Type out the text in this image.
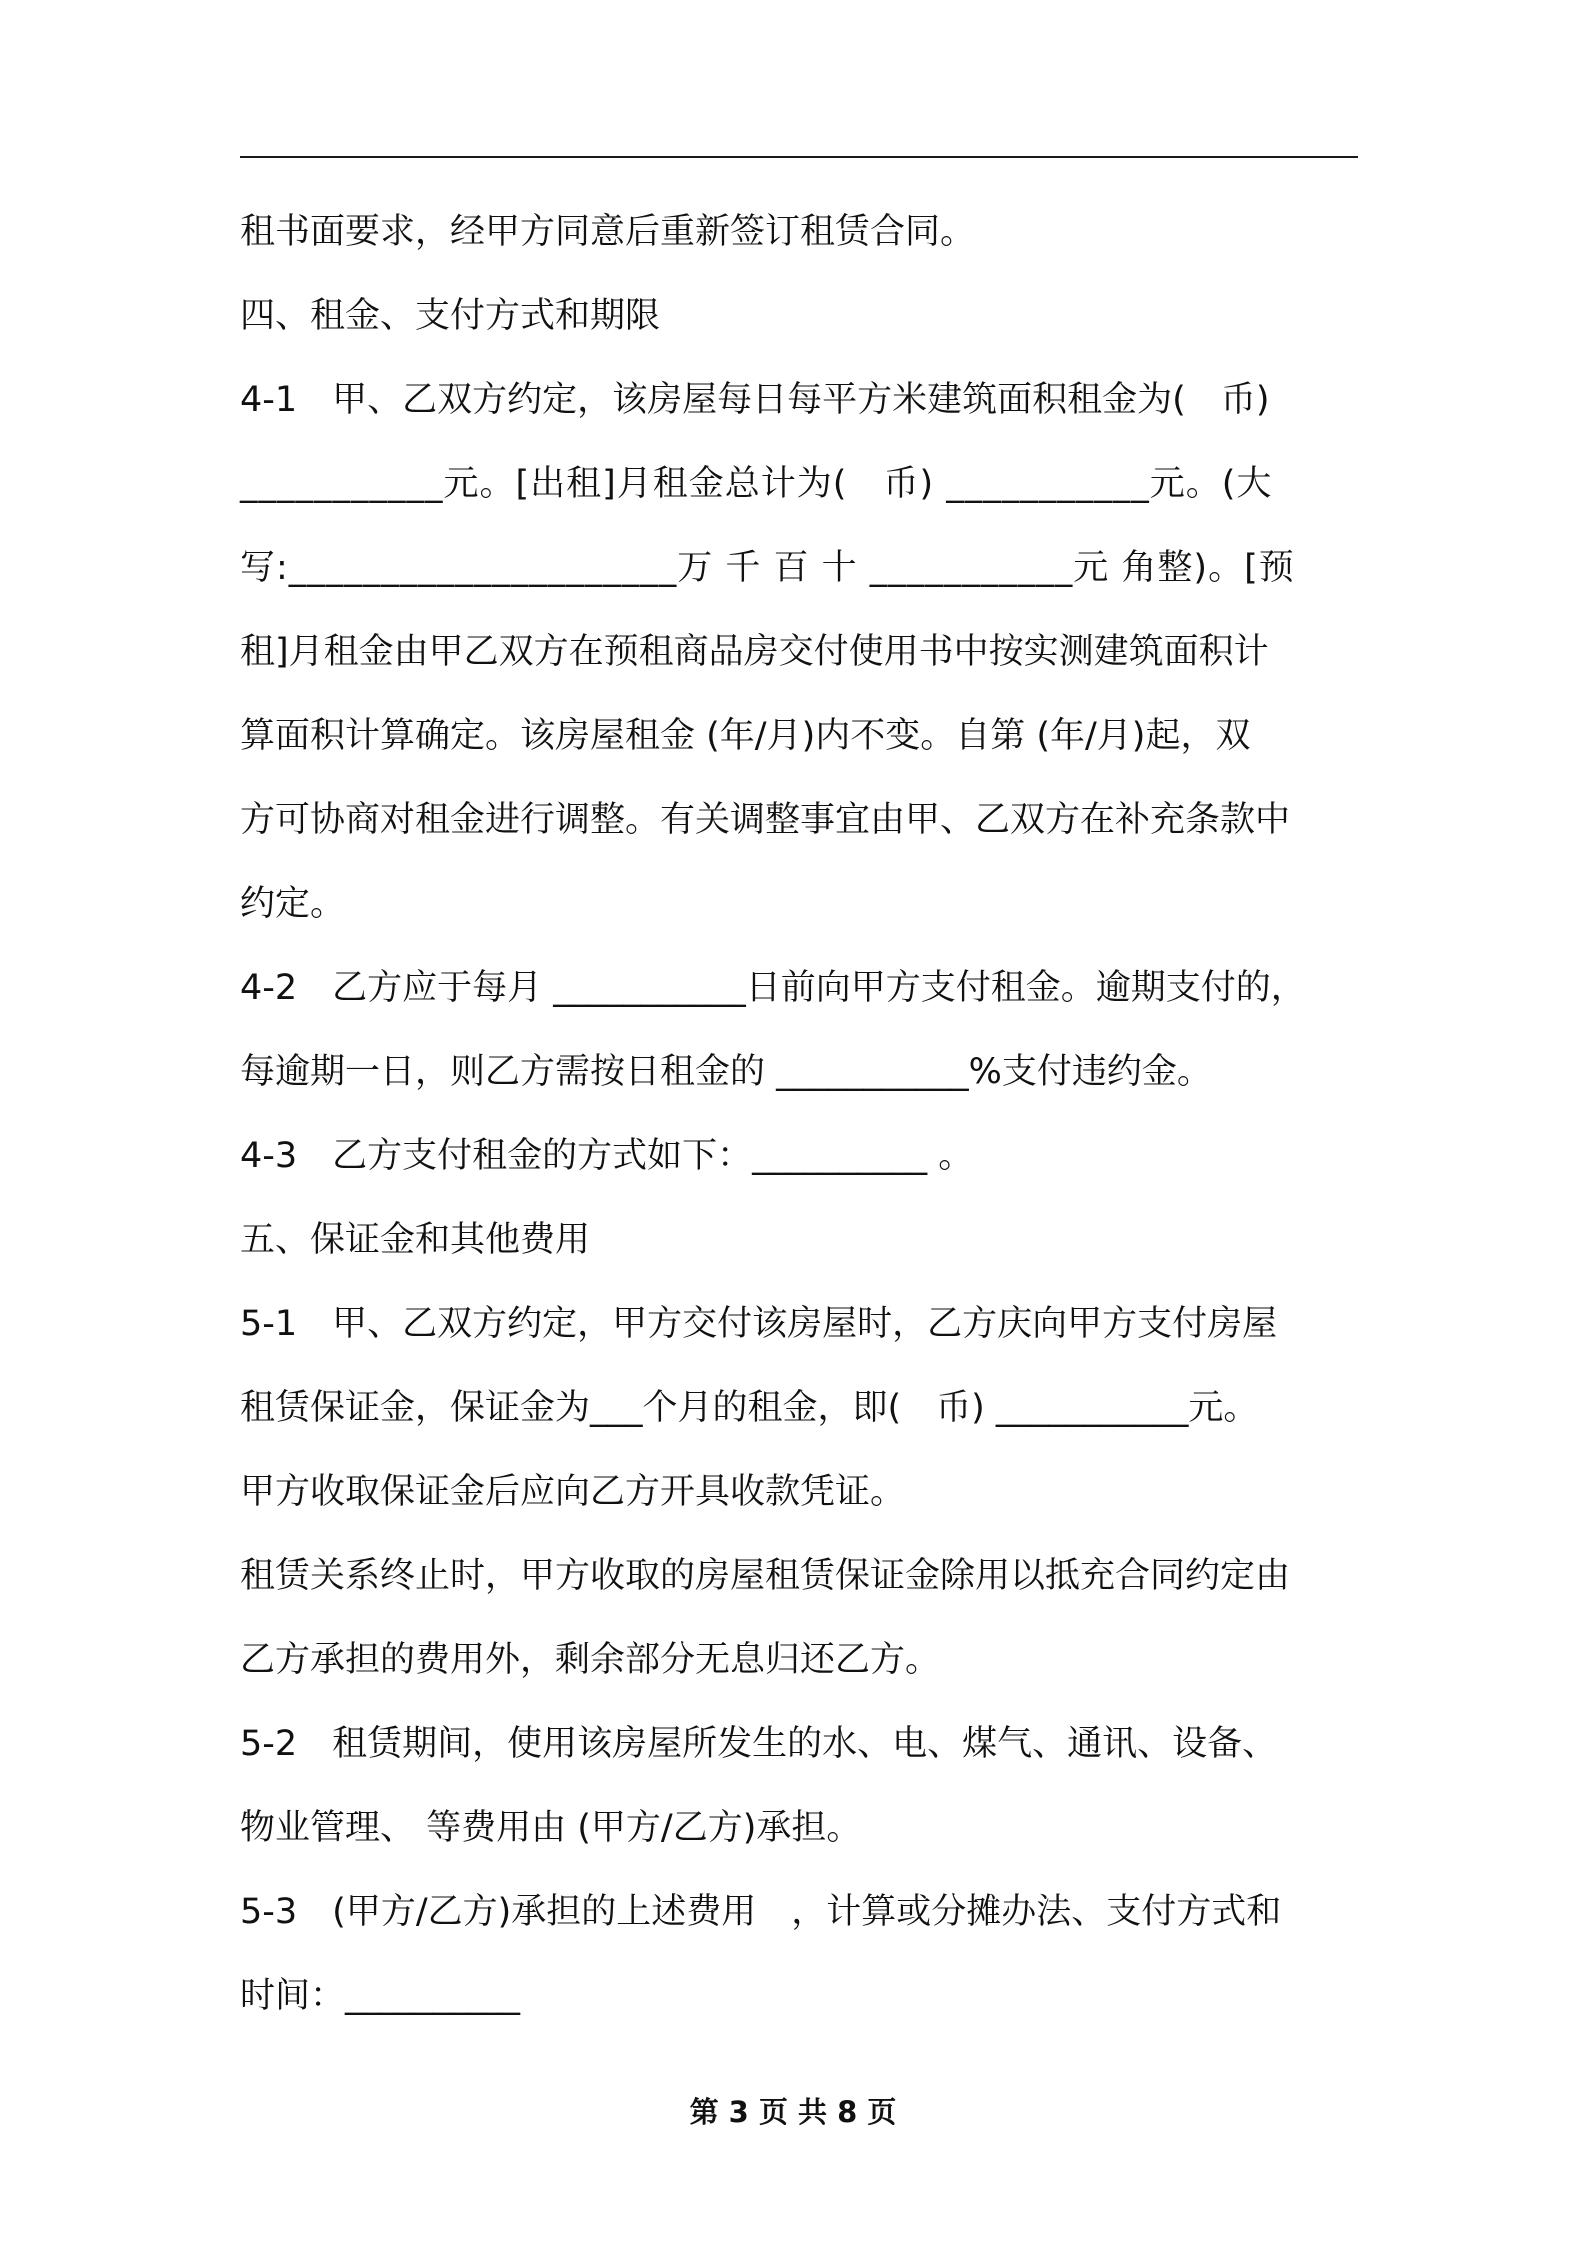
租书面要求，经甲方同意后重新签订租赁合同。
四、租金、支付方式和期限
4-1　甲、乙双方约定，该房屋每日每平方米建筑面积租金为(　币)
___________元。[出租]月租金总计为(　币) ___________元。(大
写:_____________________万 千 百 十 ___________元 角整)。[预
租]月租金由甲乙双方在预租商品房交付使用书中按实测建筑面积计
算面积计算确定。该房屋租金 (年/月)内不变。自第 (年/月)起，双
方可协商对租金进行调整。有关调整事宜由甲、乙双方在补充条款中
约定。
4-2　乙方应于每月 ___________日前向甲方支付租金。逾期支付的，
每逾期一日，则乙方需按日租金的 ___________%支付违约金。
4-3　乙方支付租金的方式如下：__________ 。
五、保证金和其他费用
5-1　甲、乙双方约定，甲方交付该房屋时，乙方庆向甲方支付房屋
租赁保证金，保证金为___个月的租金，即(　币) ___________元。
甲方收取保证金后应向乙方开具收款凭证。
租赁关系终止时，甲方收取的房屋租赁保证金除用以抵充合同约定由
乙方承担的费用外，剩余部分无息归还乙方。
5-2　租赁期间，使用该房屋所发生的水、电、煤气、通讯、设备、
物业管理、 等费用由 (甲方/乙方)承担。
5-3　(甲方/乙方)承担的上述费用　，计算或分摊办法、支付方式和
时间：__________
第 3 页 共 8 页
